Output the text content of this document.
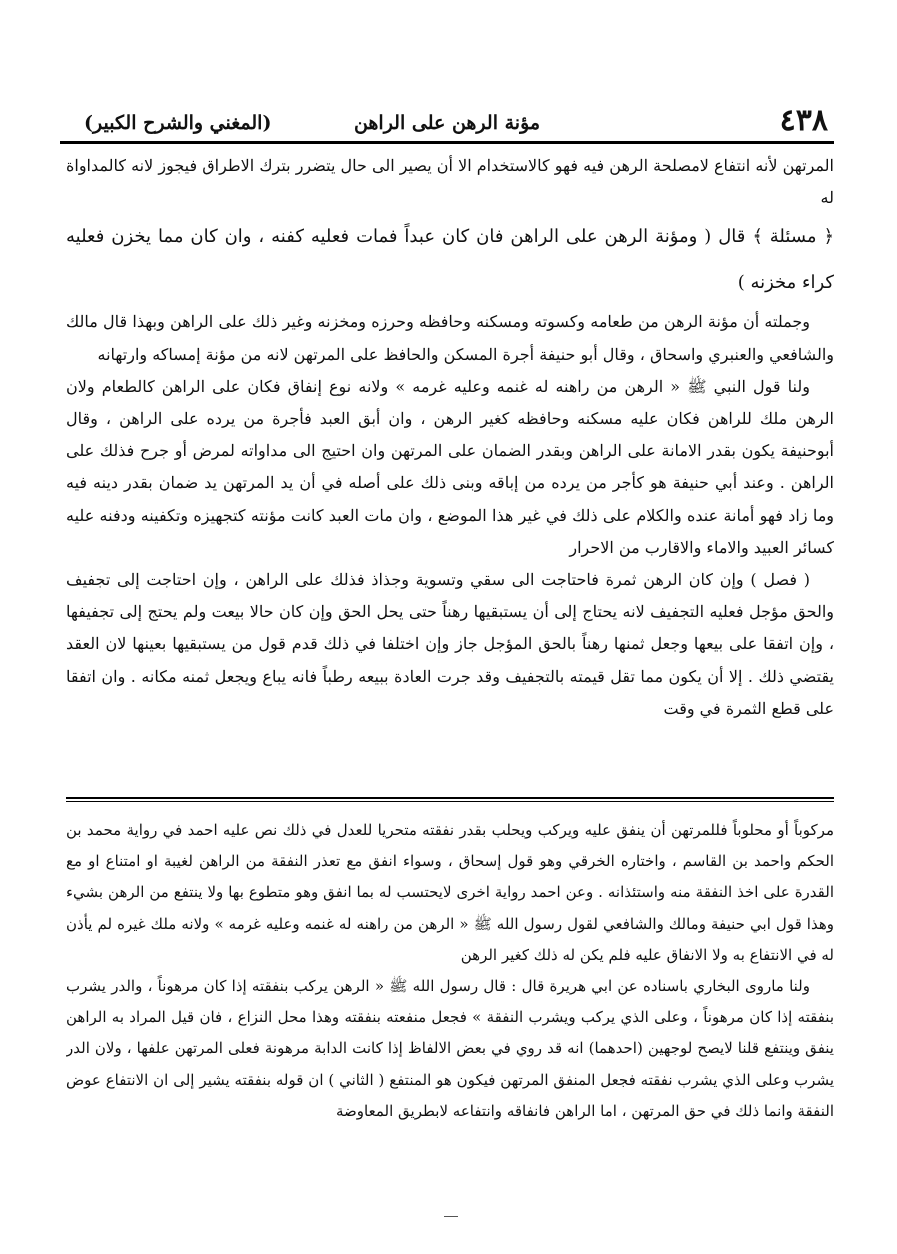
٤٣٨
مؤنة الرهن على الراهن
(المغني والشرح الكبير)

المرتهن لأنه انتفاع لامصلحة الرهن فيه فهو كالاستخدام الا أن يصير الى حال يتضرر بترك الاطراق فيجوز لانه كالمداواة له

﴿ مسئلة ﴾ قال ( ومؤنة الرهن على الراهن فان كان عبداً فمات فعليه كفنه ، وان كان مما يخزن فعليه كراء مخزنه )

وجملته أن مؤنة الرهن من طعامه وكسوته ومسكنه وحافظه وحرزه ومخزنه وغير ذلك على الراهن وبهذا قال مالك والشافعي والعنبري واسحاق ، وقال أبو حنيفة أجرة المسكن والحافظ على المرتهن لانه من مؤنة إمساكه وارتهانه

ولنا قول النبي ﷺ « الرهن من راهنه له غنمه وعليه غرمه » ولانه نوع إنفاق فكان على الراهن كالطعام ولان الرهن ملك للراهن فكان عليه مسكنه وحافظه كغير الرهن ، وان أبق العبد فأجرة من يرده على الراهن ، وقال أبوحنيفة يكون بقدر الامانة على الراهن وبقدر الضمان على المرتهن وان احتيج الى مداواته لمرض أو جرح فذلك على الراهن . وعند أبي حنيفة هو كأجر من يرده من إباقه وبنى ذلك على أصله في أن يد المرتهن يد ضمان بقدر دينه فيه وما زاد فهو أمانة عنده والكلام على ذلك في غير هذا الموضع ، وان مات العبد كانت مؤنته كتجهيزه وتكفينه ودفنه عليه كسائر العبيد والاماء والاقارب من الاحرار

( فصل ) وإن كان الرهن ثمرة فاحتاجت الى سقي وتسوية وجذاذ فذلك على الراهن ، وإن احتاجت إلى تجفيف والحق مؤجل فعليه التجفيف لانه يحتاج إلى أن يستبقيها رهناً حتى يحل الحق وإن كان حالا بيعت ولم يحتج إلى تجفيفها ، وإن اتفقا على بيعها وجعل ثمنها رهناً بالحق المؤجل جاز وإن اختلفا في ذلك قدم قول من يستبقيها بعينها لان العقد يقتضي ذلك . إلا أن يكون مما تقل قيمته بالتجفيف وقد جرت العادة ببيعه رطباً فانه يباع ويجعل ثمنه مكانه . وان اتفقا على قطع الثمرة في وقت

مركوباً أو محلوباً فللمرتهن أن ينفق عليه ويركب ويحلب بقدر نفقته متحريا للعدل في ذلك نص عليه احمد في رواية محمد بن الحكم واحمد بن القاسم ، واختاره الخرقي وهو قول إسحاق ، وسواء انفق مع تعذر النفقة من الراهن لغيبة او امتناع او مع القدرة على اخذ النفقة منه واستئذانه . وعن احمد رواية اخرى لايحتسب له بما انفق وهو متطوع بها ولا ينتفع من الرهن بشيء وهذا قول ابي حنيفة ومالك والشافعي لقول رسول الله ﷺ « الرهن من راهنه له غنمه وعليه غرمه » ولانه ملك غيره لم يأذن له في الانتفاع به ولا الانفاق عليه فلم يكن له ذلك كغير الرهن

ولنا ماروى البخاري باسناده عن ابي هريرة قال : قال رسول الله ﷺ « الرهن يركب بنفقته إذا كان مرهوناً ، والدر يشرب بنفقته إذا كان مرهوناً ، وعلى الذي يركب ويشرب النفقة » فجعل منفعته بنفقته وهذا محل النزاع ، فان قيل المراد به الراهن ينفق وينتفع قلنا لايصح لوجهين (احدهما) انه قد روي في بعض الالفاظ إذا كانت الدابة مرهونة فعلى المرتهن علفها ، ولان الدر يشرب وعلى الذي يشرب نفقته فجعل المنفق المرتهن فيكون هو المنتفع ( الثاني ) ان قوله بنفقته يشير إلى ان الانتفاع عوض النفقة وانما ذلك في حق المرتهن ، اما الراهن فانفاقه وانتفاعه لابطريق المعاوضة
